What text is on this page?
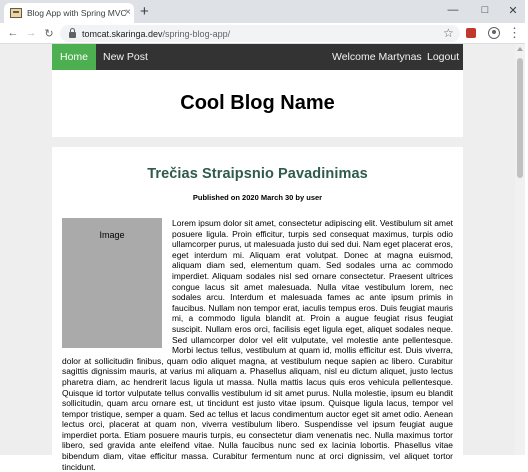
Blog App with Spring MVC
× +	—	□	✕
← → ↻	tomcat.skaringa.dev/spring-blog-app/	☆	⋮
Home	New Post	Welcome Martynas Logout
Cool Blog Name
Trečias Straipsnio Pavadinimas

Published on 2020 March 30 by user

Image

Lorem ipsum dolor sit amet, consectetur adipiscing elit. Vestibulum sit amet posuere ligula. Proin efficitur, turpis sed consequat maximus, turpis odio ullamcorper purus, ut malesuada justo dui sed dui. Nam eget placerat eros, eget interdum mi. Aliquam erat volutpat. Donec at magna euismod, aliquam diam sed, elementum quam. Sed sodales urna ac commodo imperdiet. Aliquam sodales nisl sed ornare consectetur. Praesent ultrices congue lacus sit amet malesuada. Nulla vitae vestibulum lorem, nec sodales arcu. Interdum et malesuada fames ac ante ipsum primis in faucibus. Nullam non tempor erat, iaculis tempus eros. Duis feugiat mauris mi, a commodo ligula blandit at. Proin a augue feugiat risus feugiat suscipit. Nullam eros orci, facilisis eget ligula eget, aliquet sodales neque. Sed ullamcorper dolor vel elit vulputate, vel molestie ante pellentesque. Morbi lectus tellus, vestibulum at quam id, mollis efficitur est. Duis viverra, dolor at sollicitudin finibus, quam odio aliquet magna, at vestibulum neque sapien ac libero. Curabitur sagittis dignissim mauris, at varius mi aliquam a. Phasellus aliquam, nisl eu dictum aliquet, justo lectus pharetra diam, ac hendrerit lacus ligula ut massa. Nulla mattis lacus quis eros vehicula pellentesque. Quisque id tortor vulputate tellus convallis vestibulum id sit amet purus. Nulla molestie, ipsum eu blandit sollicitudin, quam arcu ornare est, ut tincidunt est justo vitae ipsum. Quisque ligula lacus, tempor vel tempor tristique, semper a quam. Sed ac tellus et lacus condimentum auctor eget sit amet odio. Aenean lectus orci, placerat at quam non, viverra vestibulum libero. Suspendisse vel ipsum feugiat augue imperdiet porta. Etiam posuere mauris turpis, eu consectetur diam venenatis nec. Nulla maximus tortor libero, sed gravida ante eleifend vitae. Nulla faucibus nunc sed ex lacinia lobortis. Phasellus vitae bibendum diam, vitae efficitur massa. Curabitur fermentum nunc at orci dignissim, vel aliquet tortor tincidunt.
